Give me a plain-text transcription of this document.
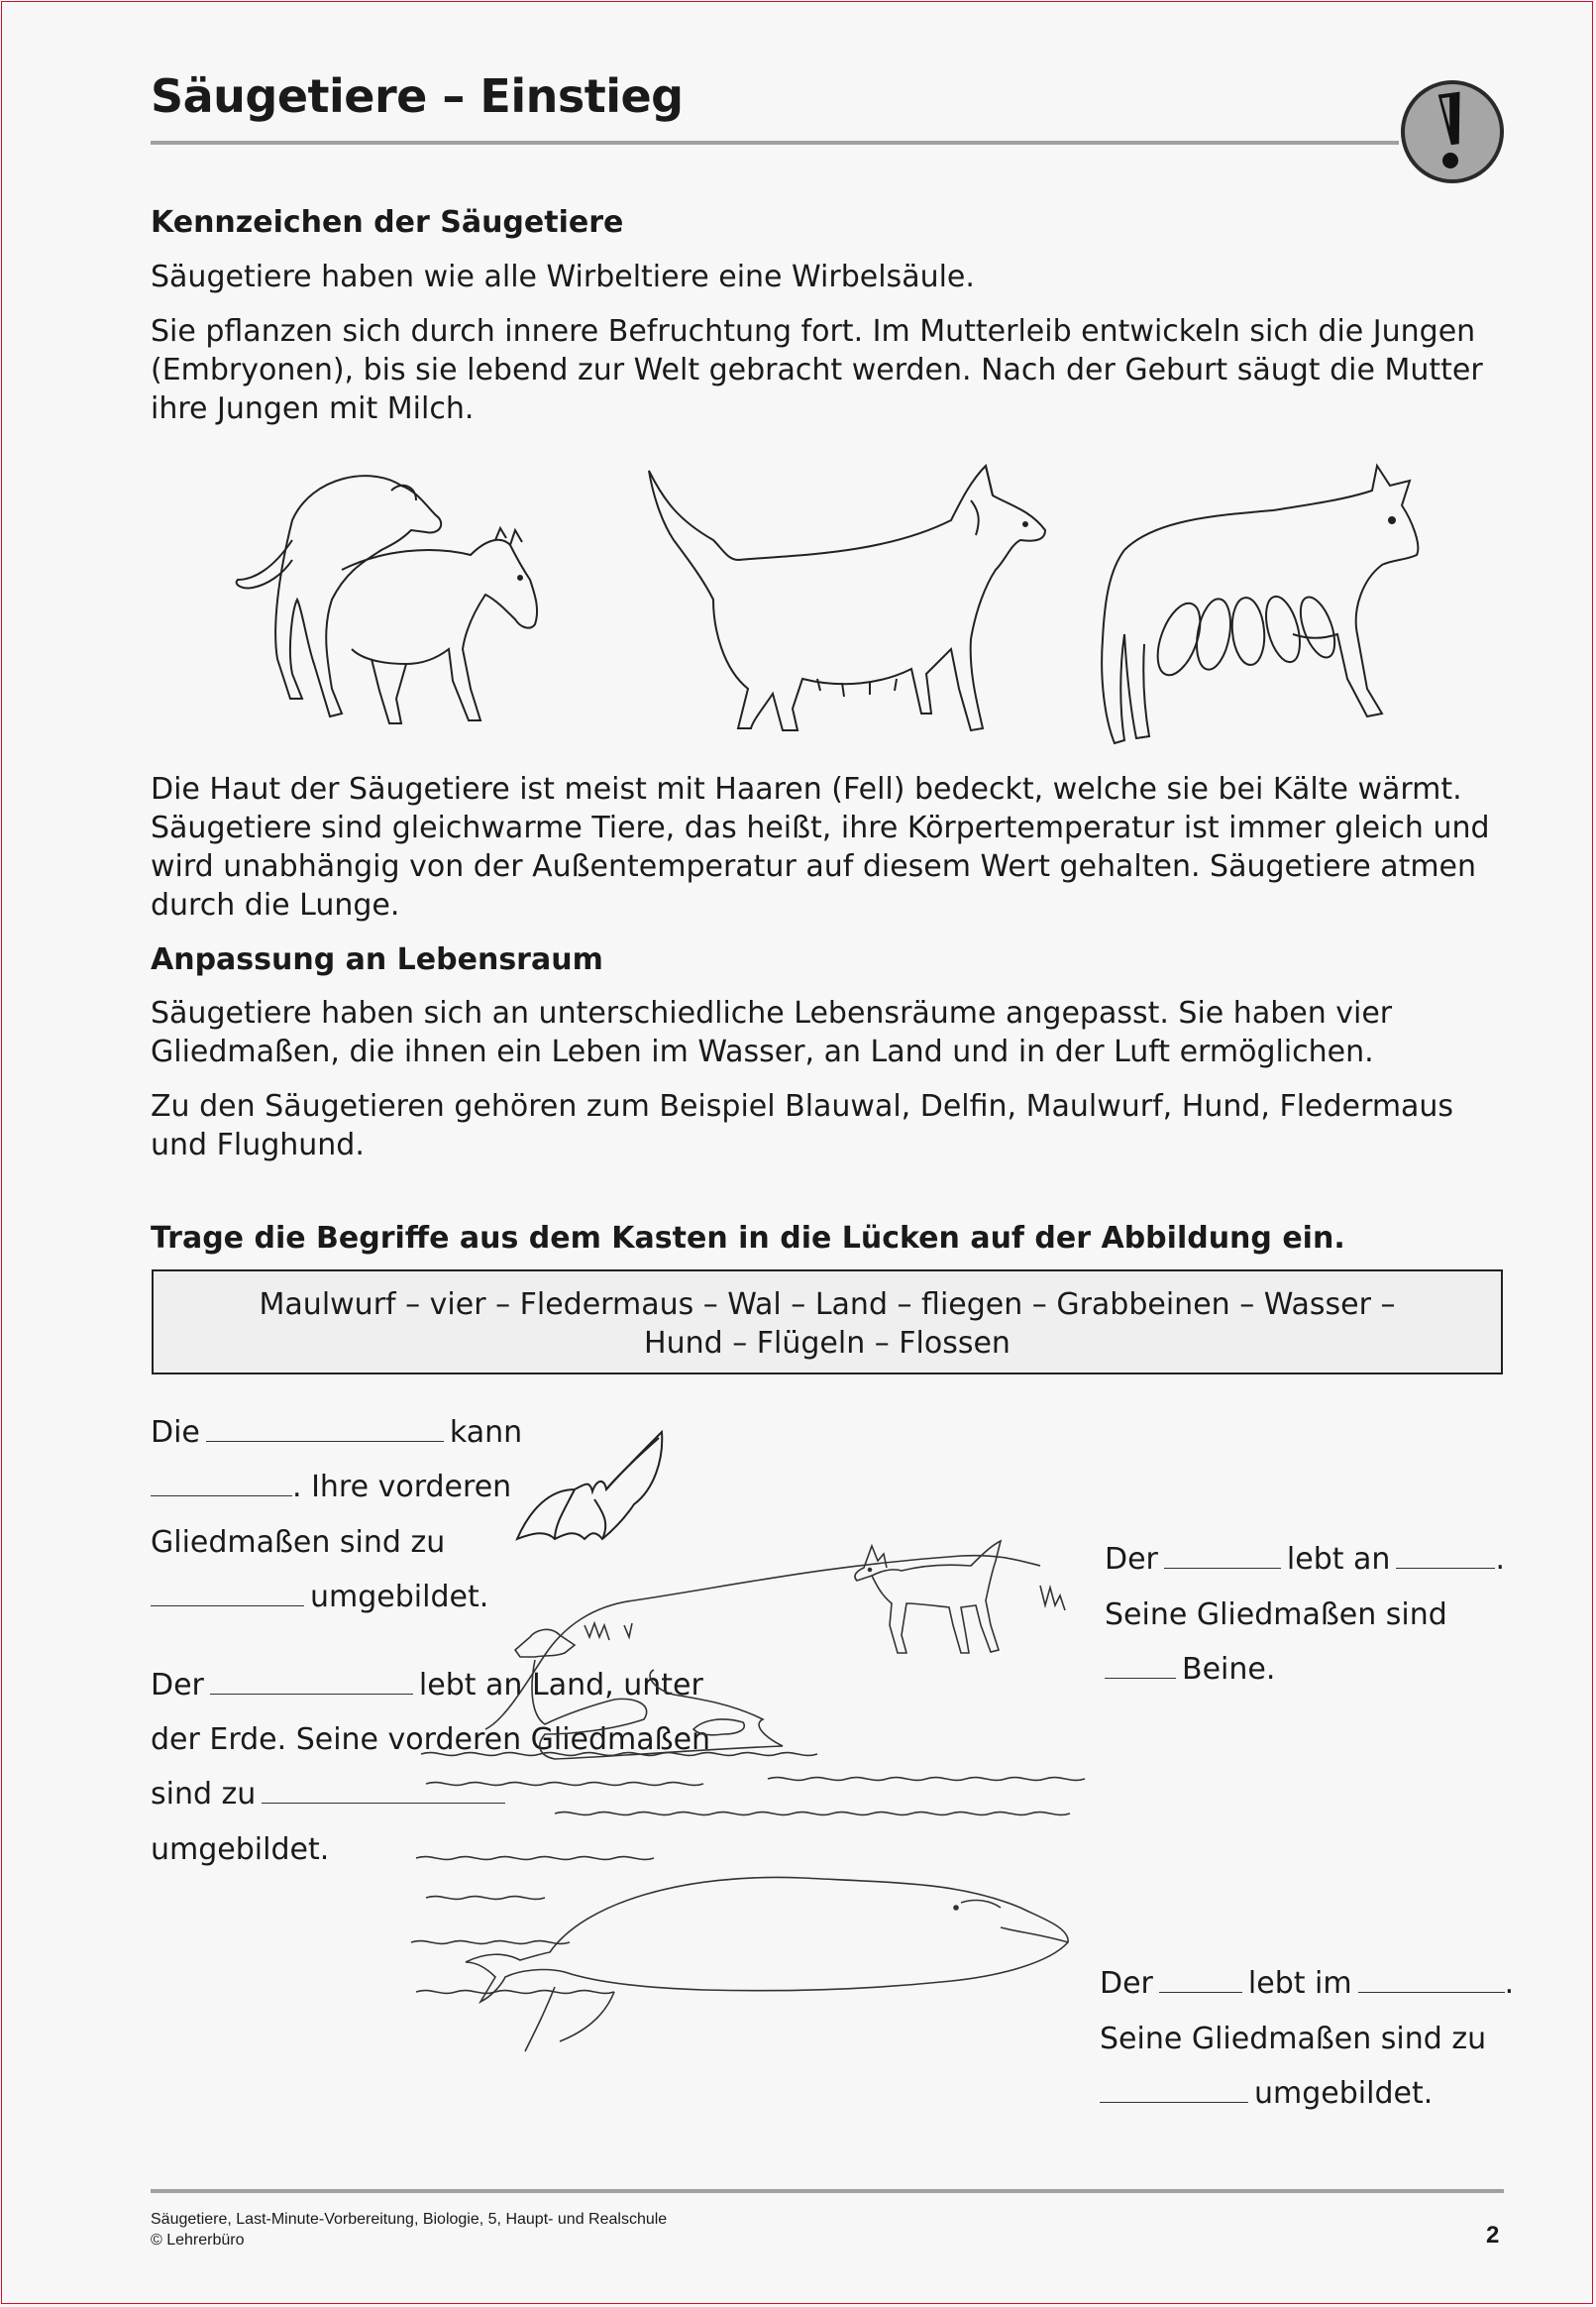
Säugetiere – Einstieg
Kennzeichen der Säugetiere
Säugetiere haben wie alle Wirbeltiere eine Wirbelsäule.
Sie pflanzen sich durch innere Befruchtung fort. Im Mutterleib entwickeln sich die Jungen (Embryonen), bis sie lebend zur Welt gebracht werden. Nach der Geburt säugt die Mutter ihre Jungen mit Milch.
Die Haut der Säugetiere ist meist mit Haaren (Fell) bedeckt, welche sie bei Kälte wärmt. Säugetiere sind gleichwarme Tiere, das heißt, ihre Körpertemperatur ist immer gleich und wird unabhängig von der Außentemperatur auf diesem Wert gehalten. Säugetiere atmen durch die Lunge.
Anpassung an Lebensraum
Säugetiere haben sich an unterschiedliche Lebensräume angepasst. Sie haben vier Gliedmaßen, die ihnen ein Leben im Wasser, an Land und in der Luft ermöglichen.
Zu den Säugetieren gehören zum Beispiel Blauwal, Delfin, Maulwurf, Hund, Fledermaus und Flughund.
Trage die Begriffe aus dem Kasten in die Lücken auf der Abbildung ein.
Maulwurf – vier – Fledermaus – Wal – Land – fliegen – Grabbeinen – Wasser –
Hund – Flügeln – Flossen
Die	kann
. Ihre vorderen
Gliedmaßen sind zu
umgebildet.
Der	lebt an Land, unter
der Erde. Seine vorderen Gliedmaßen
sind zu
umgebildet.
Der	lebt an	.
Seine Gliedmaßen sind
Beine.
Der	lebt im	.
Seine Gliedmaßen sind zu
umgebildet.
Säugetiere, Last-Minute-Vorbereitung, Biologie, 5, Haupt- und Realschule
© Lehrerbüro	2
